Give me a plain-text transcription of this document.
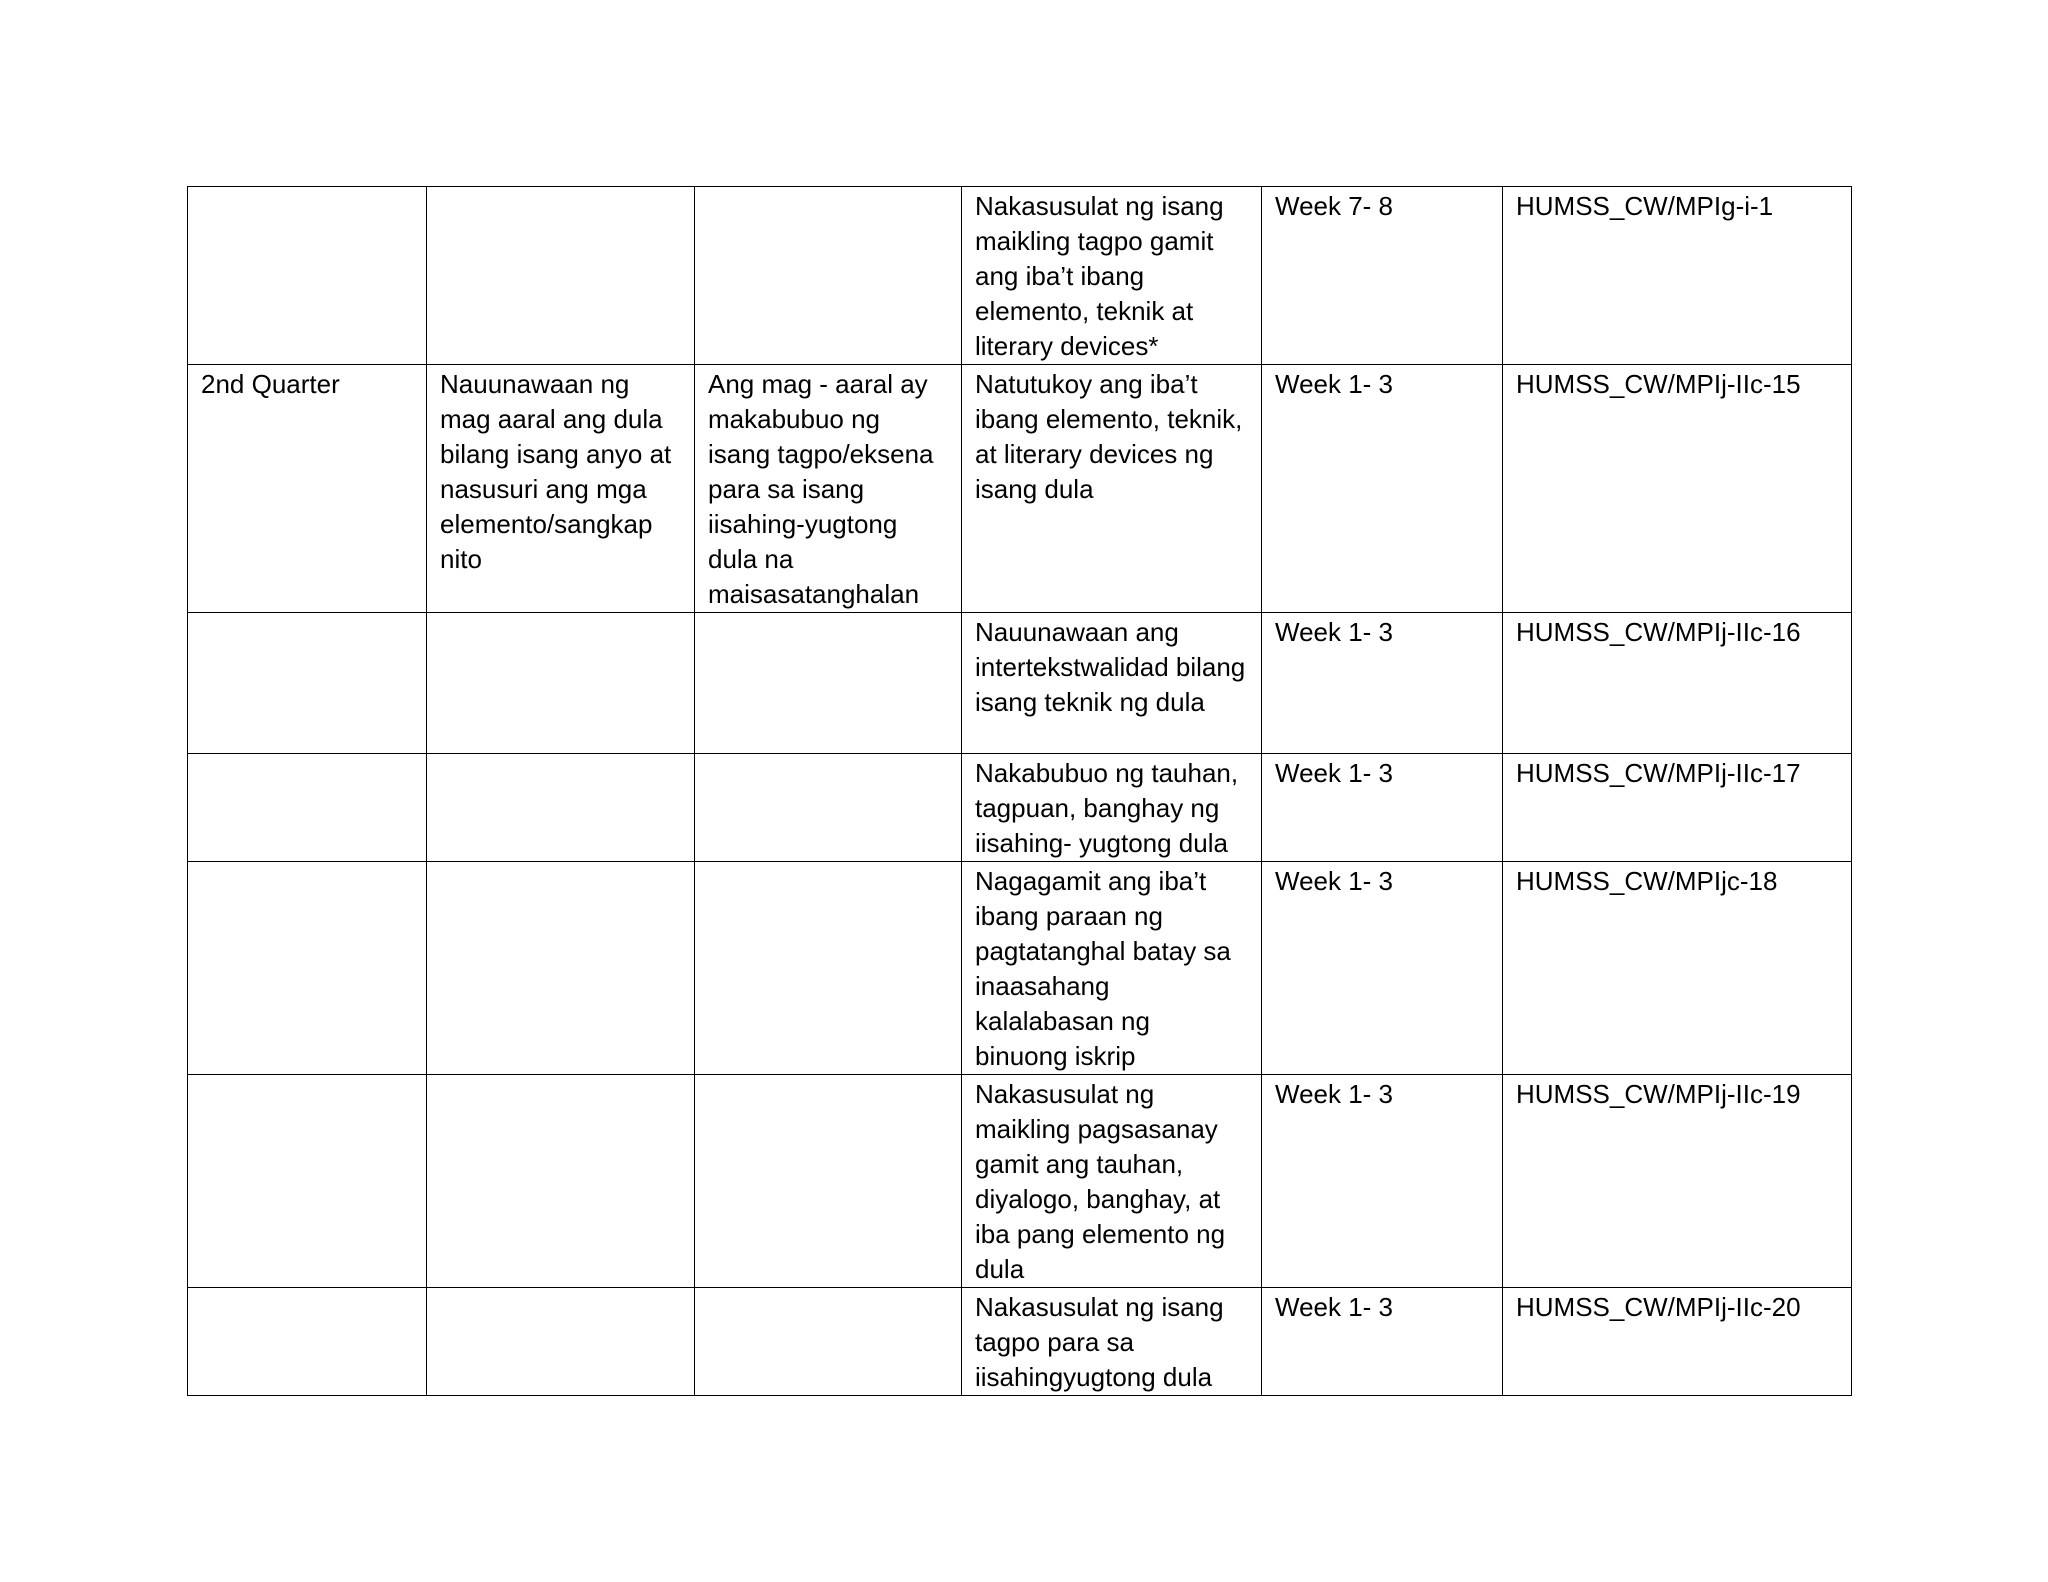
			Nakasusulat ng isang maikling tagpo gamit ang iba’t ibang elemento, teknik at literary devices*	Week 7- 8	HUMSS_CW/MPIg-i-1

2nd Quarter	Nauunawaan ng mag aaral ang dula bilang isang anyo at nasusuri ang mga elemento/sangkap nito	Ang mag - aaral ay makabubuo ng isang tagpo/eksena para sa isang iisahing-yugtong dula na maisasatanghalan	Natutukoy ang iba’t ibang elemento, teknik, at literary devices ng isang dula	Week 1- 3	HUMSS_CW/MPIj-IIc-15

			Nauunawaan ang intertekstwalidad bilang isang teknik ng dula	Week 1- 3	HUMSS_CW/MPIj-IIc-16

			Nakabubuo ng tauhan, tagpuan, banghay ng iisahing- yugtong dula	Week 1- 3	HUMSS_CW/MPIj-IIc-17

			Nagagamit ang iba’t ibang paraan ng pagtatanghal batay sa inaasahang kalalabasan ng binuong iskrip	Week 1- 3	HUMSS_CW/MPIjc-18

			Nakasusulat ng maikling pagsasanay gamit ang tauhan, diyalogo, banghay, at iba pang elemento ng dula	Week 1- 3	HUMSS_CW/MPIj-IIc-19

			Nakasusulat ng isang tagpo para sa iisahingyugtong dula	Week 1- 3	HUMSS_CW/MPIj-IIc-20
